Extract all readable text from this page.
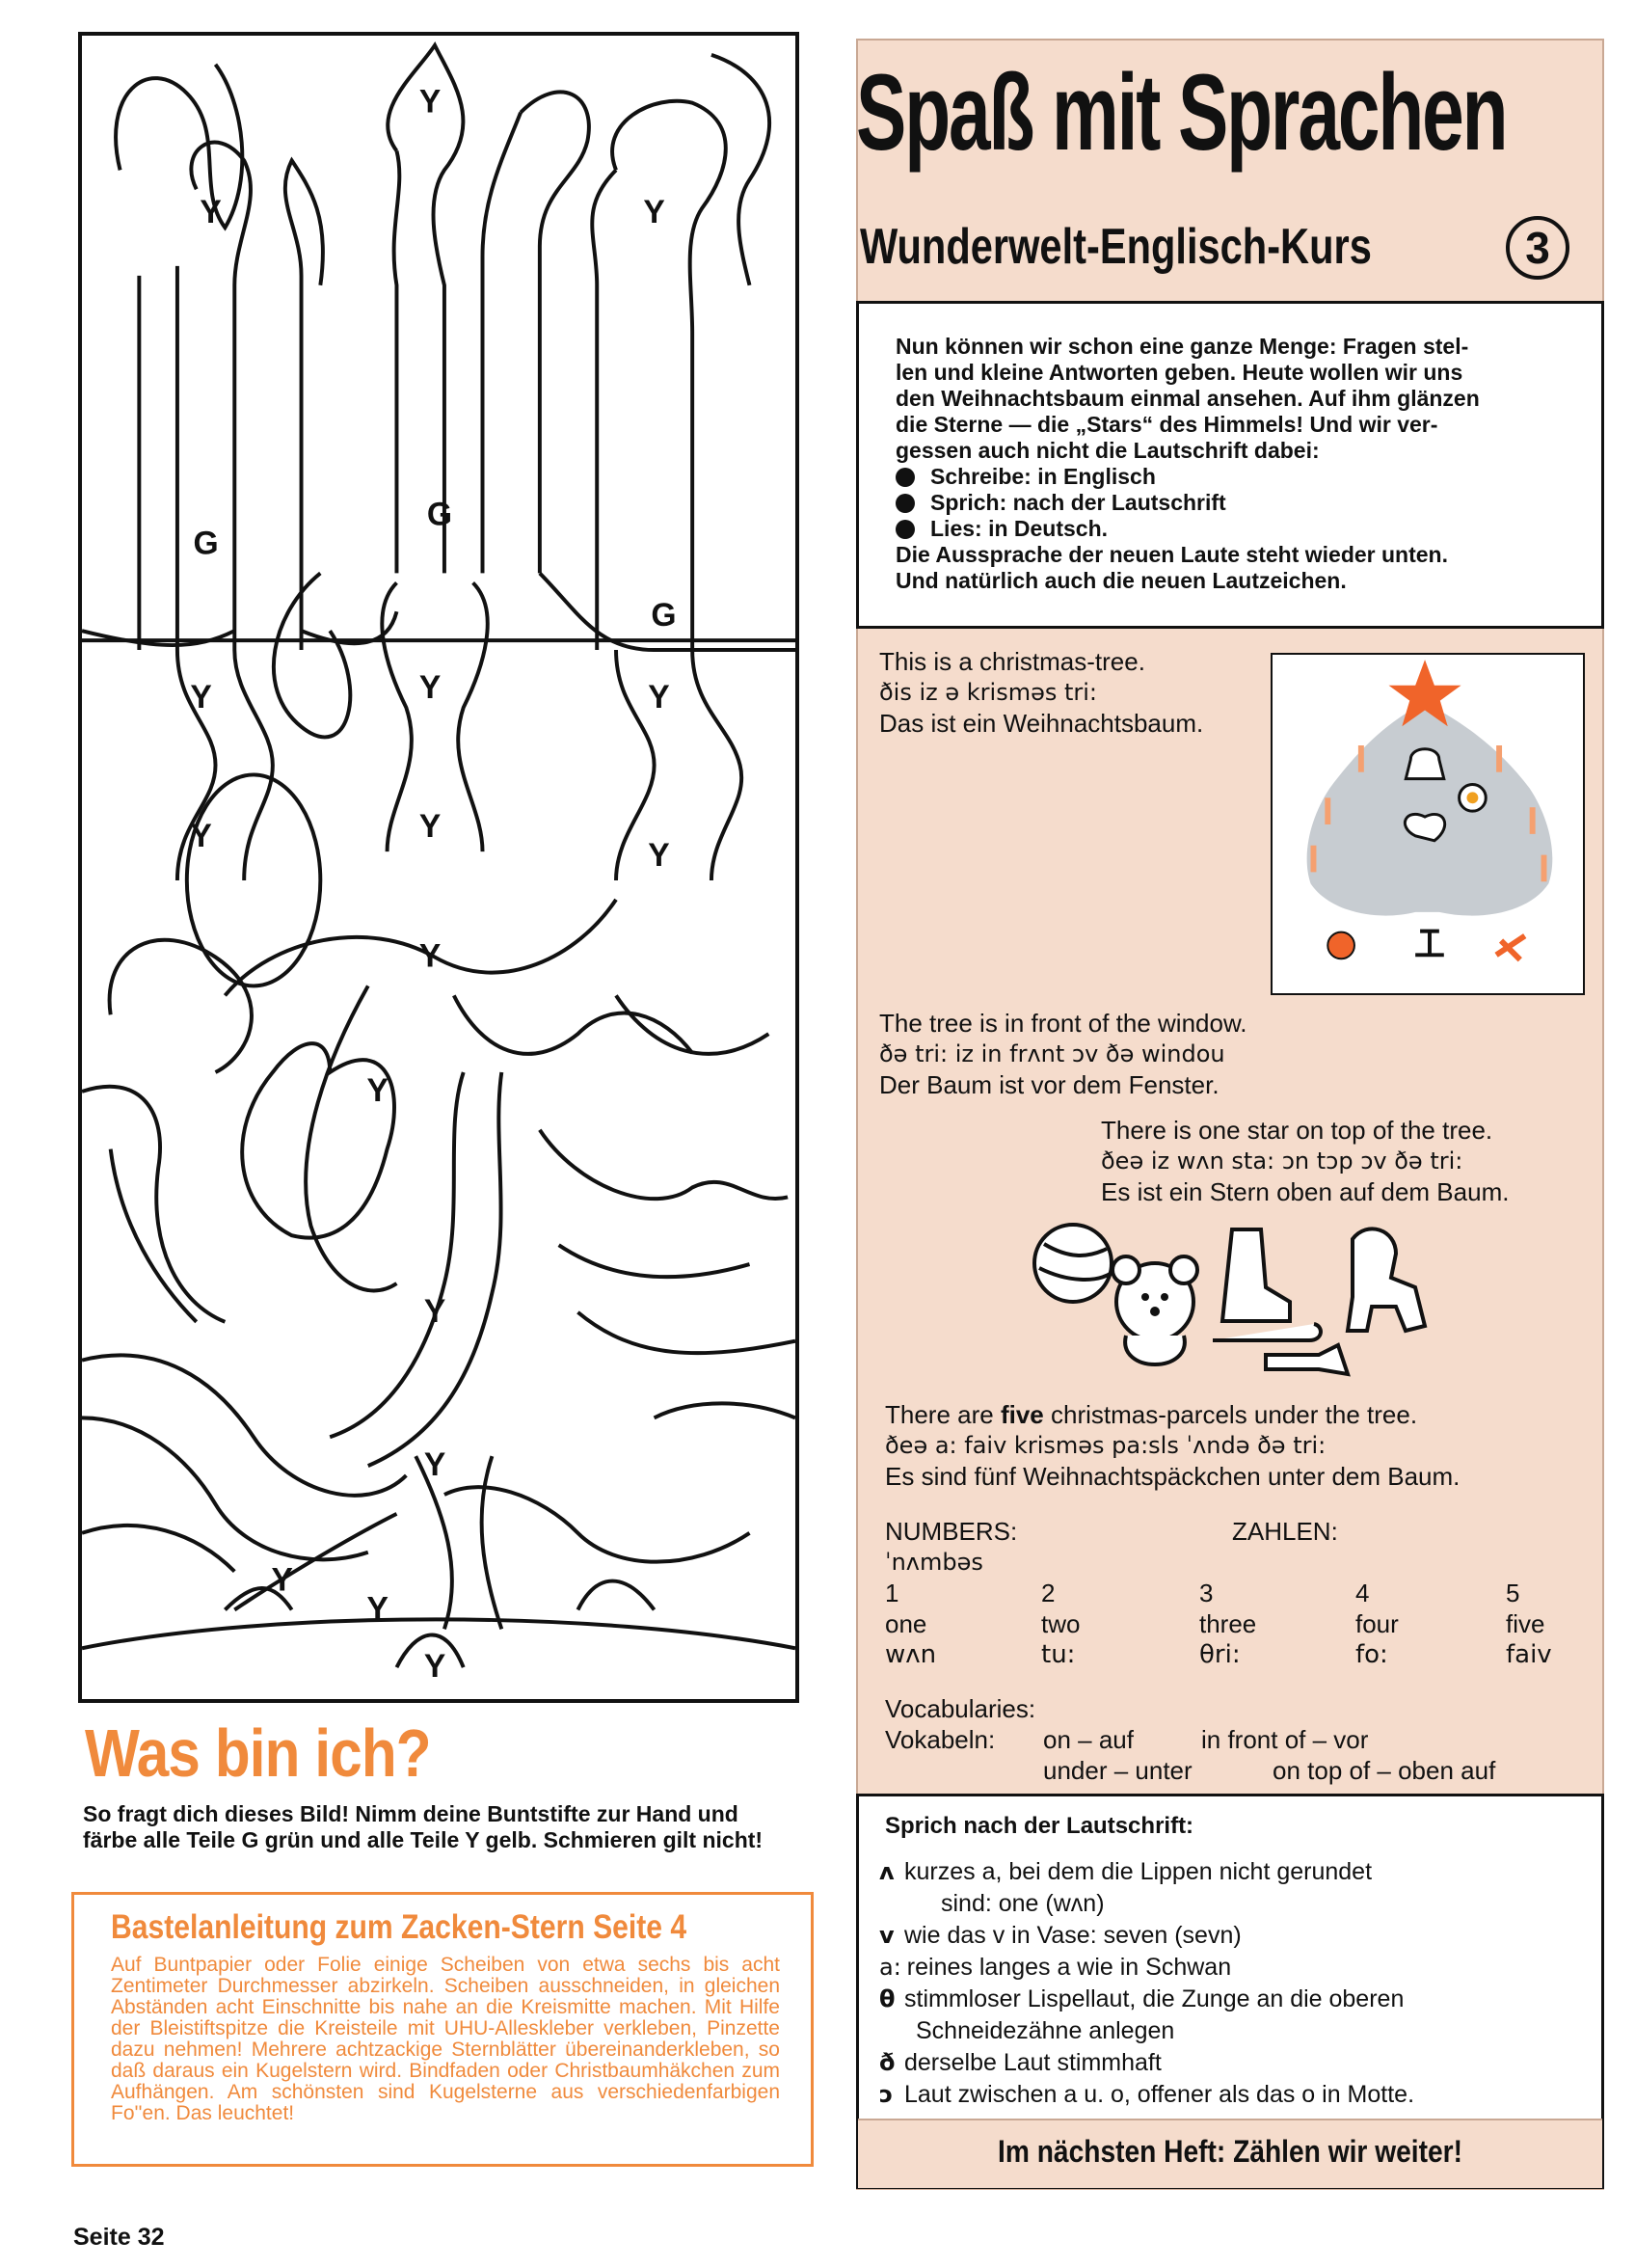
Y
Y	Y
G
G
G
Y
Y	Y
Y	Y
Y
Y
Y
Y
Y
Y
Y
Y
Was bin ich?
So fragt dich dieses Bild! Nimm deine Buntstifte zur Hand und färbe alle Teile G grün und alle Teile Y gelb. Schmieren gilt nicht!
Bastelanleitung zum Zacken-Stern Seite 4
Auf Buntpapier oder Folie einige Scheiben von etwa sechs bis acht Zentimeter Durchmesser abzirkeln. Scheiben ausschneiden, in gleichen Abständen acht Einschnitte bis nahe an die Kreismitte machen. Mit Hilfe der Bleistiftspitze die Kreisteile mit UHU-Alleskleber verkleben, Pinzette dazu nehmen! Mehrere achtzackige Sternblätter übereinanderkleben, so daß daraus ein Kugelstern wird. Bindfaden oder Christbaumhäkchen zum Aufhängen. Am schönsten sind Kugelsterne aus verschiedenfarbigen Fo''en. Das leuchtet!
Seite 32
Spaß mit Sprachen
Wunderwelt-Englisch-Kurs	3
Nun können wir schon eine ganze Menge: Fragen stel-
len und kleine Antworten geben. Heute wollen wir uns
den Weihnachtsbaum einmal ansehen. Auf ihm glänzen
die Sterne — die „Stars“ des Himmels! Und wir ver-
gessen auch nicht die Lautschrift dabei:
Schreibe: in Englisch
Sprich: nach der Lautschrift
Lies: in Deutsch.
Die Aussprache der neuen Laute steht wieder unten.
Und natürlich auch die neuen Lautzeichen.
This is a christmas-tree.
ðis iz ə krisməs tri:
Das ist ein Weihnachtsbaum.
The tree is in front of the window.
ðə tri: iz in frʌnt ɔv ðə windou
Der Baum ist vor dem Fenster.
There is one star on top of the tree.
ðeə iz wʌn sta: ɔn tɔp ɔv ðə tri:
Es ist ein Stern oben auf dem Baum.
There are five christmas-parcels under the tree.
ðeə a: faiv krisməs pa:sls ˈʌndə ðə tri:
Es sind fünf Weihnachtspäckchen unter dem Baum.
NUMBERS:	ZAHLEN:
ˈnʌmbəs
1	2	3	4	5
one	two	three	four	five
wʌn	tu:	θri:	fo:	faiv
Vocabularies:
Vokabeln: on – auf	in front of – vor
under – unter	on top of – oben auf
Sprich nach der Lautschrift:
ʌ kurzes a, bei dem die Lippen nicht gerundet
sind: one (wʌn)
v wie das v in Vase: seven (sevn)
a: reines langes a wie in Schwan
θ stimmloser Lispellaut, die Zunge an die oberen
Schneidezähne anlegen
ð derselbe Laut stimmhaft
ɔ Laut zwischen a u. o, offener als das o in Motte.
Im nächsten Heft: Zählen wir weiter!
